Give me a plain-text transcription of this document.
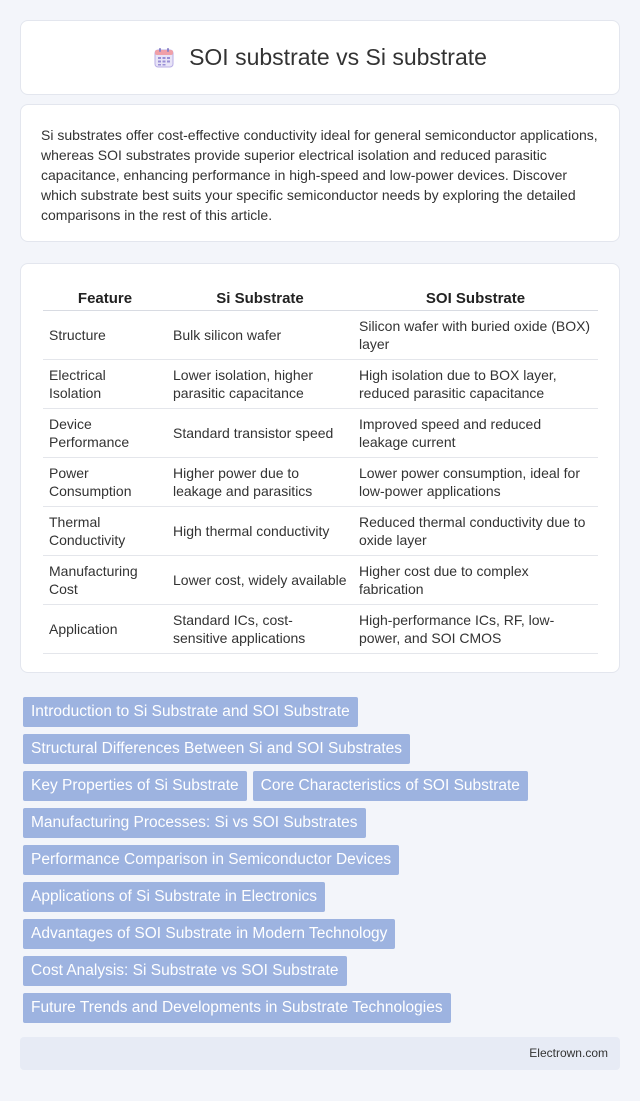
SOI substrate vs Si substrate

Si substrates offer cost-effective conductivity ideal for general semiconductor applications, whereas SOI substrates provide superior electrical isolation and reduced parasitic capacitance, enhancing performance in high-speed and low-power devices. Discover which substrate best suits your specific semiconductor needs by exploring the detailed comparisons in the rest of this article.

Feature	Si Substrate	SOI Substrate
Structure	Bulk silicon wafer	Silicon wafer with buried oxide (BOX) layer
Electrical Isolation	Lower isolation, higher parasitic capacitance	High isolation due to BOX layer, reduced parasitic capacitance
Device Performance	Standard transistor speed	Improved speed and reduced leakage current
Power Consumption	Higher power due to leakage and parasitics	Lower power consumption, ideal for low-power applications
Thermal Conductivity	High thermal conductivity	Reduced thermal conductivity due to oxide layer
Manufacturing Cost	Lower cost, widely available	Higher cost due to complex fabrication
Application	Standard ICs, cost-sensitive applications	High-performance ICs, RF, low-power, and SOI CMOS
Introduction to Si Substrate and SOI Substrate
Structural Differences Between Si and SOI Substrates
Key Properties of Si Substrate Core Characteristics of SOI Substrate
Manufacturing Processes: Si vs SOI Substrates
Performance Comparison in Semiconductor Devices
Applications of Si Substrate in Electronics
Advantages of SOI Substrate in Modern Technology
Cost Analysis: Si Substrate vs SOI Substrate
Future Trends and Developments in Substrate Technologies
Electrown.com
